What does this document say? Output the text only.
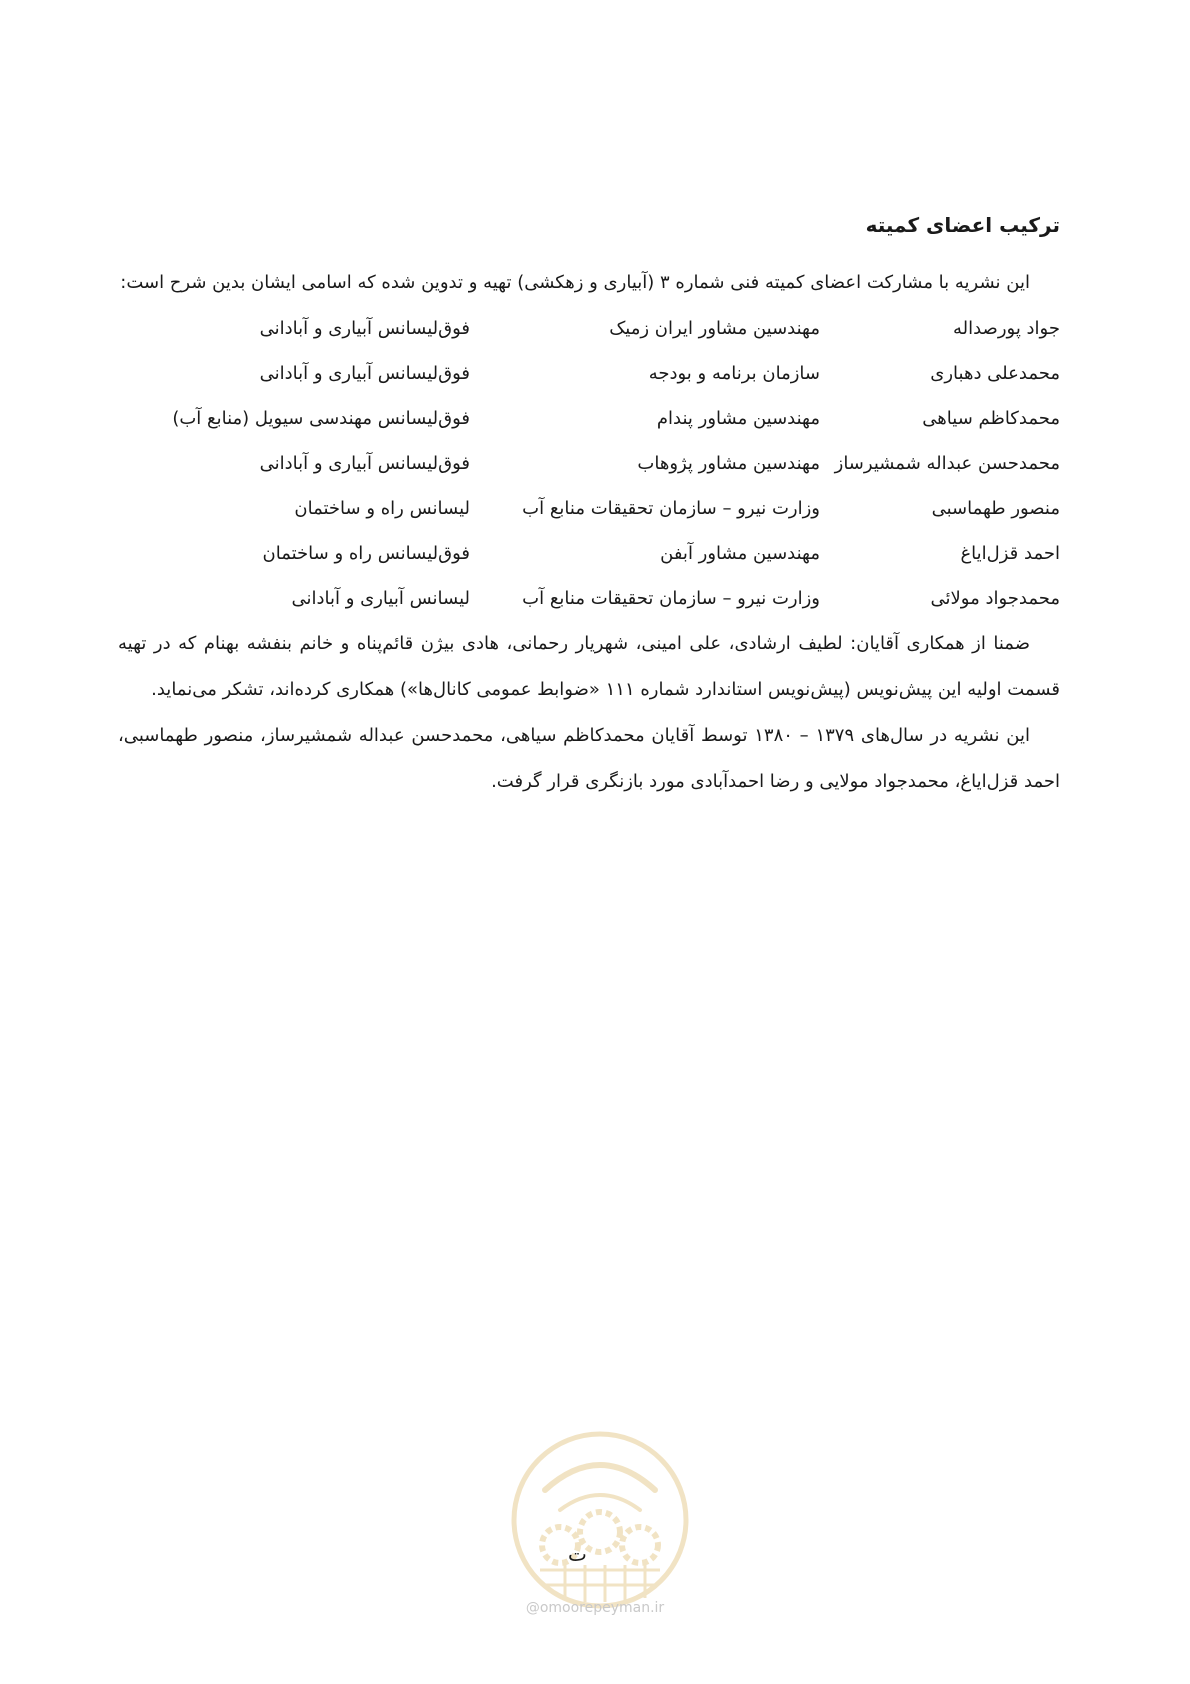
ترکیب اعضای کمیته

این نشریه با مشارکت اعضای کمیته فنی شماره ۳ (آبیاری و زهکشی) تهیه و تدوین شده که اسامی ایشان بدین شرح است:

جواد پورصداله
مهندسین مشاور ایران زمیک
فوق‌لیسانس آبیاری و آبادانی
محمدعلی دهباری
سازمان برنامه و بودجه
فوق‌لیسانس آبیاری و آبادانی
محمدکاظم سیاهی
مهندسین مشاور پندام
فوق‌لیسانس مهندسی سیویل (منابع آب)
محمدحسن عبداله شمشیرساز
مهندسین مشاور پژوهاب
فوق‌لیسانس آبیاری و آبادانی
منصور طهماسبی
وزارت نیرو – سازمان تحقیقات منابع آب
لیسانس راه و ساختمان
احمد قزل‌ایاغ
مهندسین مشاور آبفن
فوق‌لیسانس راه و ساختمان
محمدجواد مولائی
وزارت نیرو – سازمان تحقیقات منابع آب
لیسانس آبیاری و آبادانی

ضمنا از همکاری آقایان: لطیف ارشادی، علی امینی، شهریار رحمانی، هادی بیژن قائم‌پناه و خانم بنفشه بهنام که در تهیه قسمت اولیه این پیش‌نویس (پیش‌نویس استاندارد شماره ۱۱۱ «ضوابط عمومی کانال‌ها») همکاری کرده‌اند، تشکر می‌نماید.

این نشریه در سال‌های ۱۳۷۹ – ۱۳۸۰ توسط آقایان محمدکاظم سیاهی، محمدحسن عبداله شمشیرساز، منصور طهماسبی، احمد قزل‌ایاغ، محمدجواد مولایی و رضا احمدآبادی مورد بازنگری قرار گرفت.

ت
@omoorepeyman.ir
